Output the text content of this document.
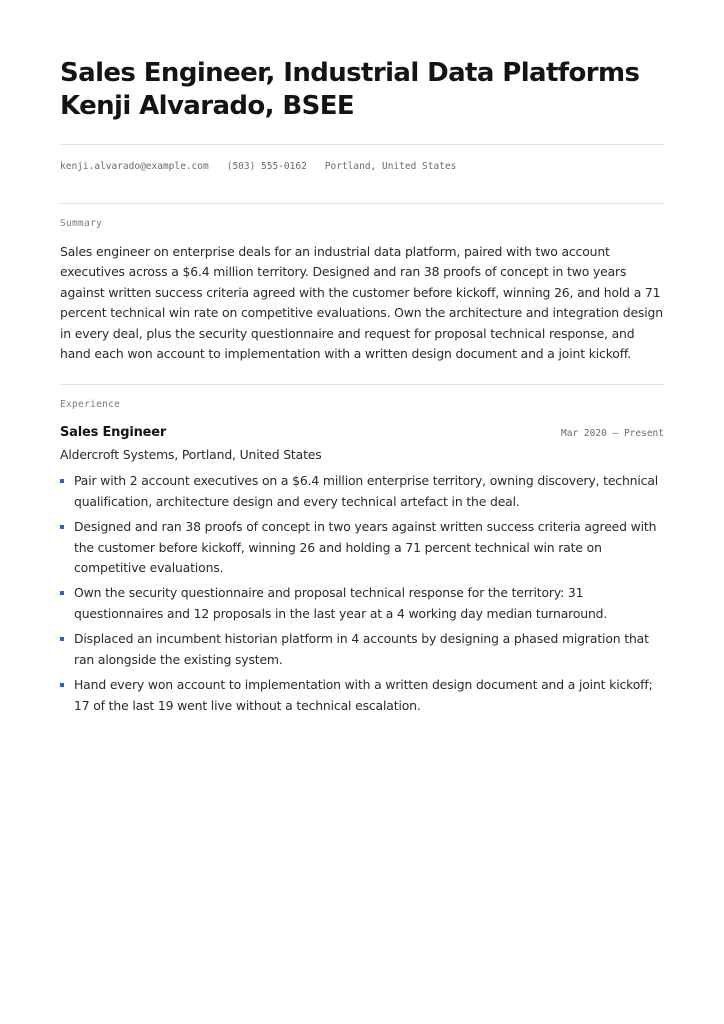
Sales Engineer, Industrial Data Platforms
Kenji Alvarado, BSEE
kenji.alvarado@example.com (503) 555-0162 Portland, United States
Summary

Sales engineer on enterprise deals for an industrial data platform, paired with two account executives across a $6.4 million territory. Designed and ran 38 proofs of concept in two years against written success criteria agreed with the customer before kickoff, winning 26, and hold a 71 percent technical win rate on competitive evaluations. Own the architecture and integration design in every deal, plus the security questionnaire and request for proposal technical response, and hand each won account to implementation with a written design document and a joint kickoff.

Experience
Sales Engineer	Mar 2020 — Present
Aldercroft Systems, Portland, United States
Pair with 2 account executives on a $6.4 million enterprise territory, owning discovery, technical qualification, architecture design and every technical artefact in the deal.
Designed and ran 38 proofs of concept in two years against written success criteria agreed with the customer before kickoff, winning 26 and holding a 71 percent technical win rate on competitive evaluations.
Own the security questionnaire and proposal technical response for the territory: 31 questionnaires and 12 proposals in the last year at a 4 working day median turnaround.
Displaced an incumbent historian platform in 4 accounts by designing a phased migration that ran alongside the existing system.
Hand every won account to implementation with a written design document and a joint kickoff; 17 of the last 19 went live without a technical escalation.
